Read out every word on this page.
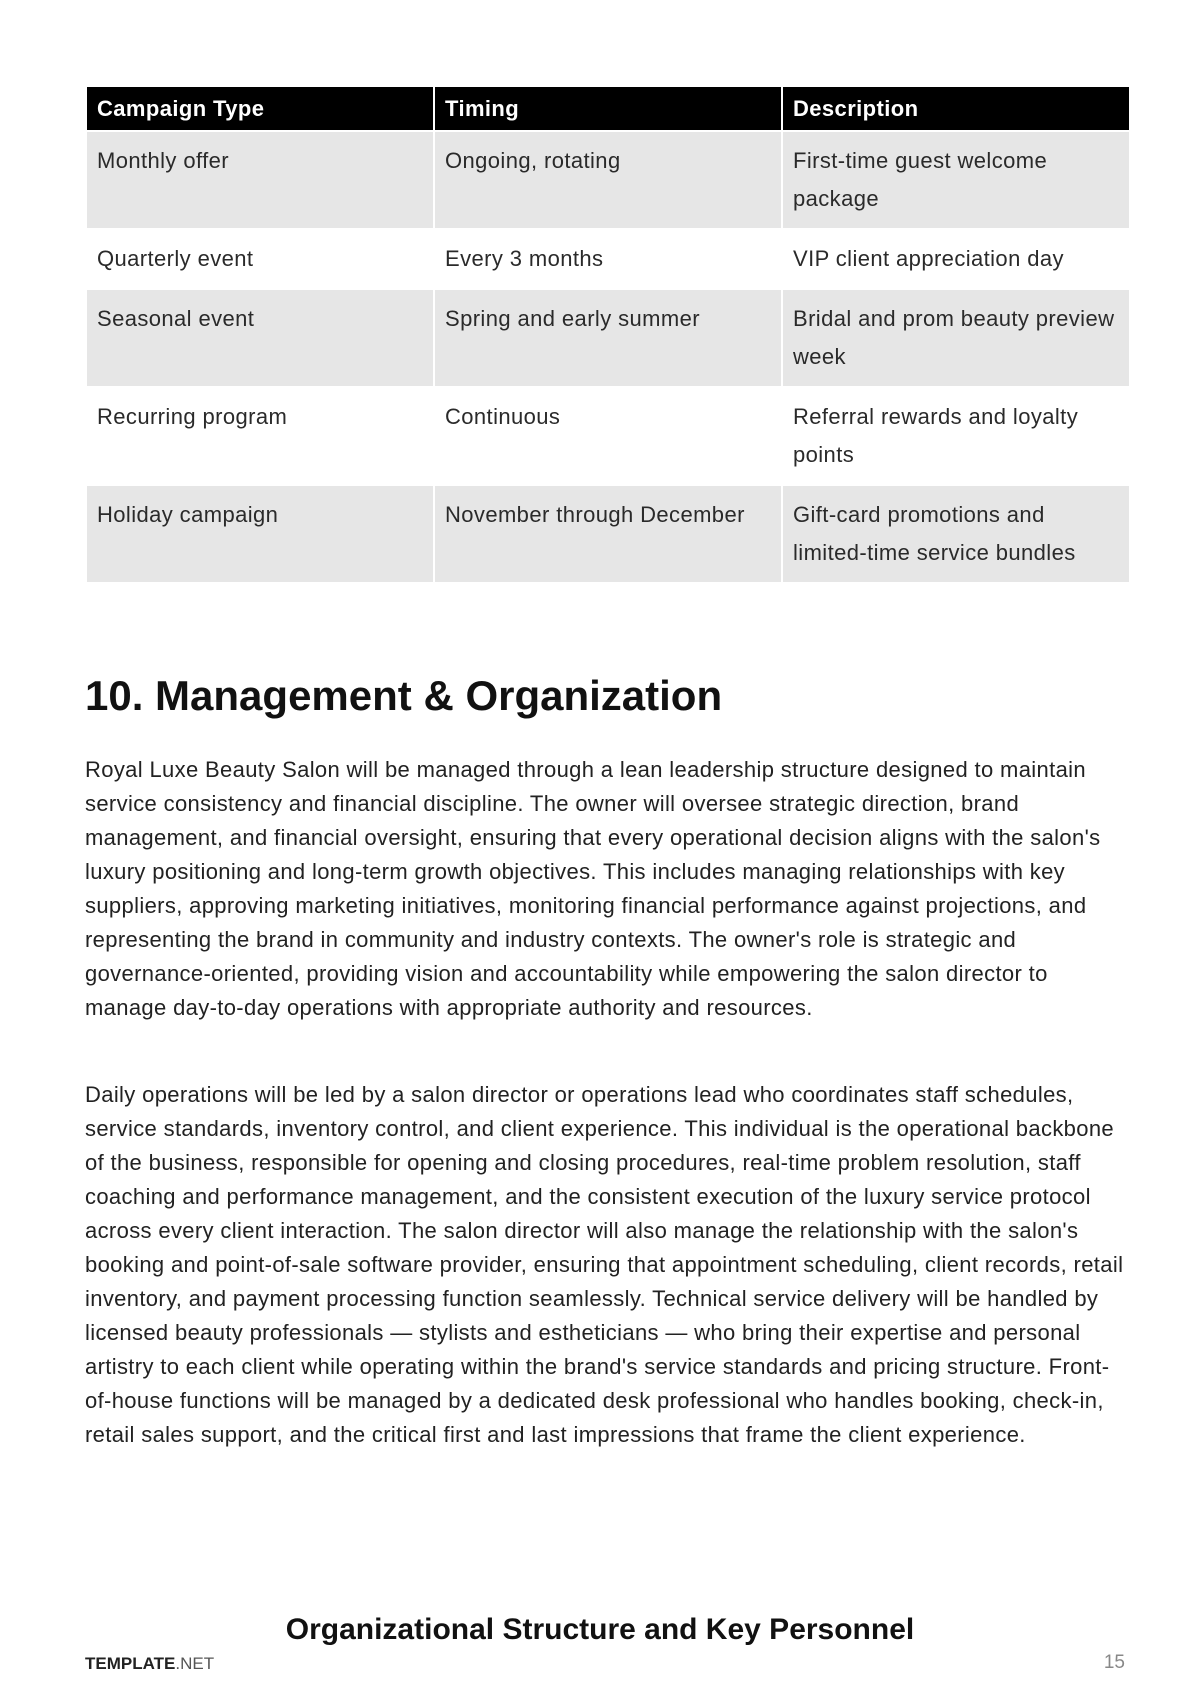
Campaign Type	Timing	Description
Monthly offer	Ongoing, rotating	First-time guest welcome package
Quarterly event	Every 3 months	VIP client appreciation day
Seasonal event	Spring and early summer	Bridal and prom beauty preview week
Recurring program	Continuous	Referral rewards and loyalty points
Holiday campaign	November through December	Gift-card promotions and limited-time service bundles
10. Management & Organization

Royal Luxe Beauty Salon will be managed through a lean leadership structure designed to maintain service consistency and financial discipline. The owner will oversee strategic direction, brand management, and financial oversight, ensuring that every operational decision aligns with the salon's luxury positioning and long-term growth objectives. This includes managing relationships with key suppliers, approving marketing initiatives, monitoring financial performance against projections, and representing the brand in community and industry contexts. The owner's role is strategic and governance-oriented, providing vision and accountability while empowering the salon director to manage day-to-day operations with appropriate authority and resources.

Daily operations will be led by a salon director or operations lead who coordinates staff schedules, service standards, inventory control, and client experience. This individual is the operational backbone of the business, responsible for opening and closing procedures, real-time problem resolution, staff coaching and performance management, and the consistent execution of the luxury service protocol across every client interaction. The salon director will also manage the relationship with the salon's booking and point-of-sale software provider, ensuring that appointment scheduling, client records, retail inventory, and payment processing function seamlessly. Technical service delivery will be handled by licensed beauty professionals — stylists and estheticians — who bring their expertise and personal artistry to each client while operating within the brand's service standards and pricing structure. Front-of-house functions will be managed by a dedicated desk professional who handles booking, check-in, retail sales support, and the critical first and last impressions that frame the client experience.

Organizational Structure and Key Personnel
TEMPLATE.NET	15
